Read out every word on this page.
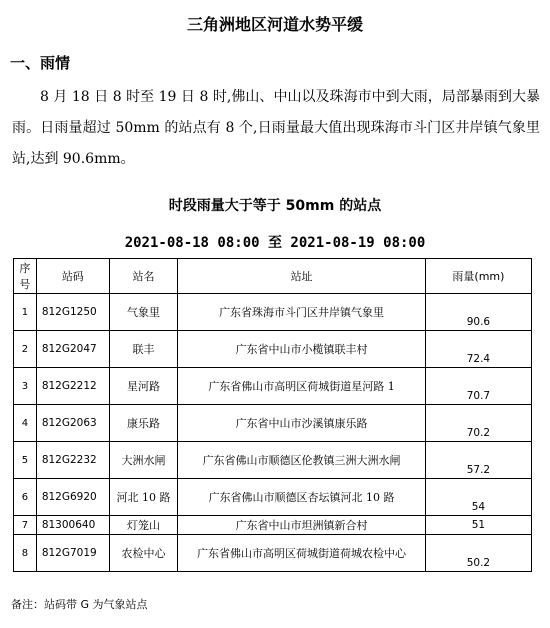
三角洲地区河道水势平缓
一、雨情
8 月 18 日 8 时至 19 日 8 时,佛山、中山以及珠海市中到大雨，局部暴雨到大暴雨。日雨量超过 50mm 的站点有 8 个,日雨量最大值出现珠海市斗门区井岸镇气象里站,达到 90.6mm。
时段雨量大于等于 50mm 的站点
2021-08-18 08:00 至 2021-08-19 08:00
序号	站码	站名	站址	雨量(mm)
1	812G1250	气象里	广东省珠海市斗门区井岸镇气象里	90.6
2	812G2047	联丰	广东省中山市小榄镇联丰村	72.4
3	812G2212	星河路	广东省佛山市高明区荷城街道星河路 1	70.7
4	812G2063	康乐路	广东省中山市沙溪镇康乐路	70.2
5	812G2232	大洲水闸	广东省佛山市顺德区伦教镇三洲大洲水闸	57.2
6	812G6920	河北 10 路	广东省佛山市顺德区杏坛镇河北 10 路	54
7	81300640	灯笼山	广东省中山市坦洲镇新合村	51
8	812G7019	农检中心	广东省佛山市高明区荷城街道荷城农检中心	50.2
备注：站码带 G 为气象站点
